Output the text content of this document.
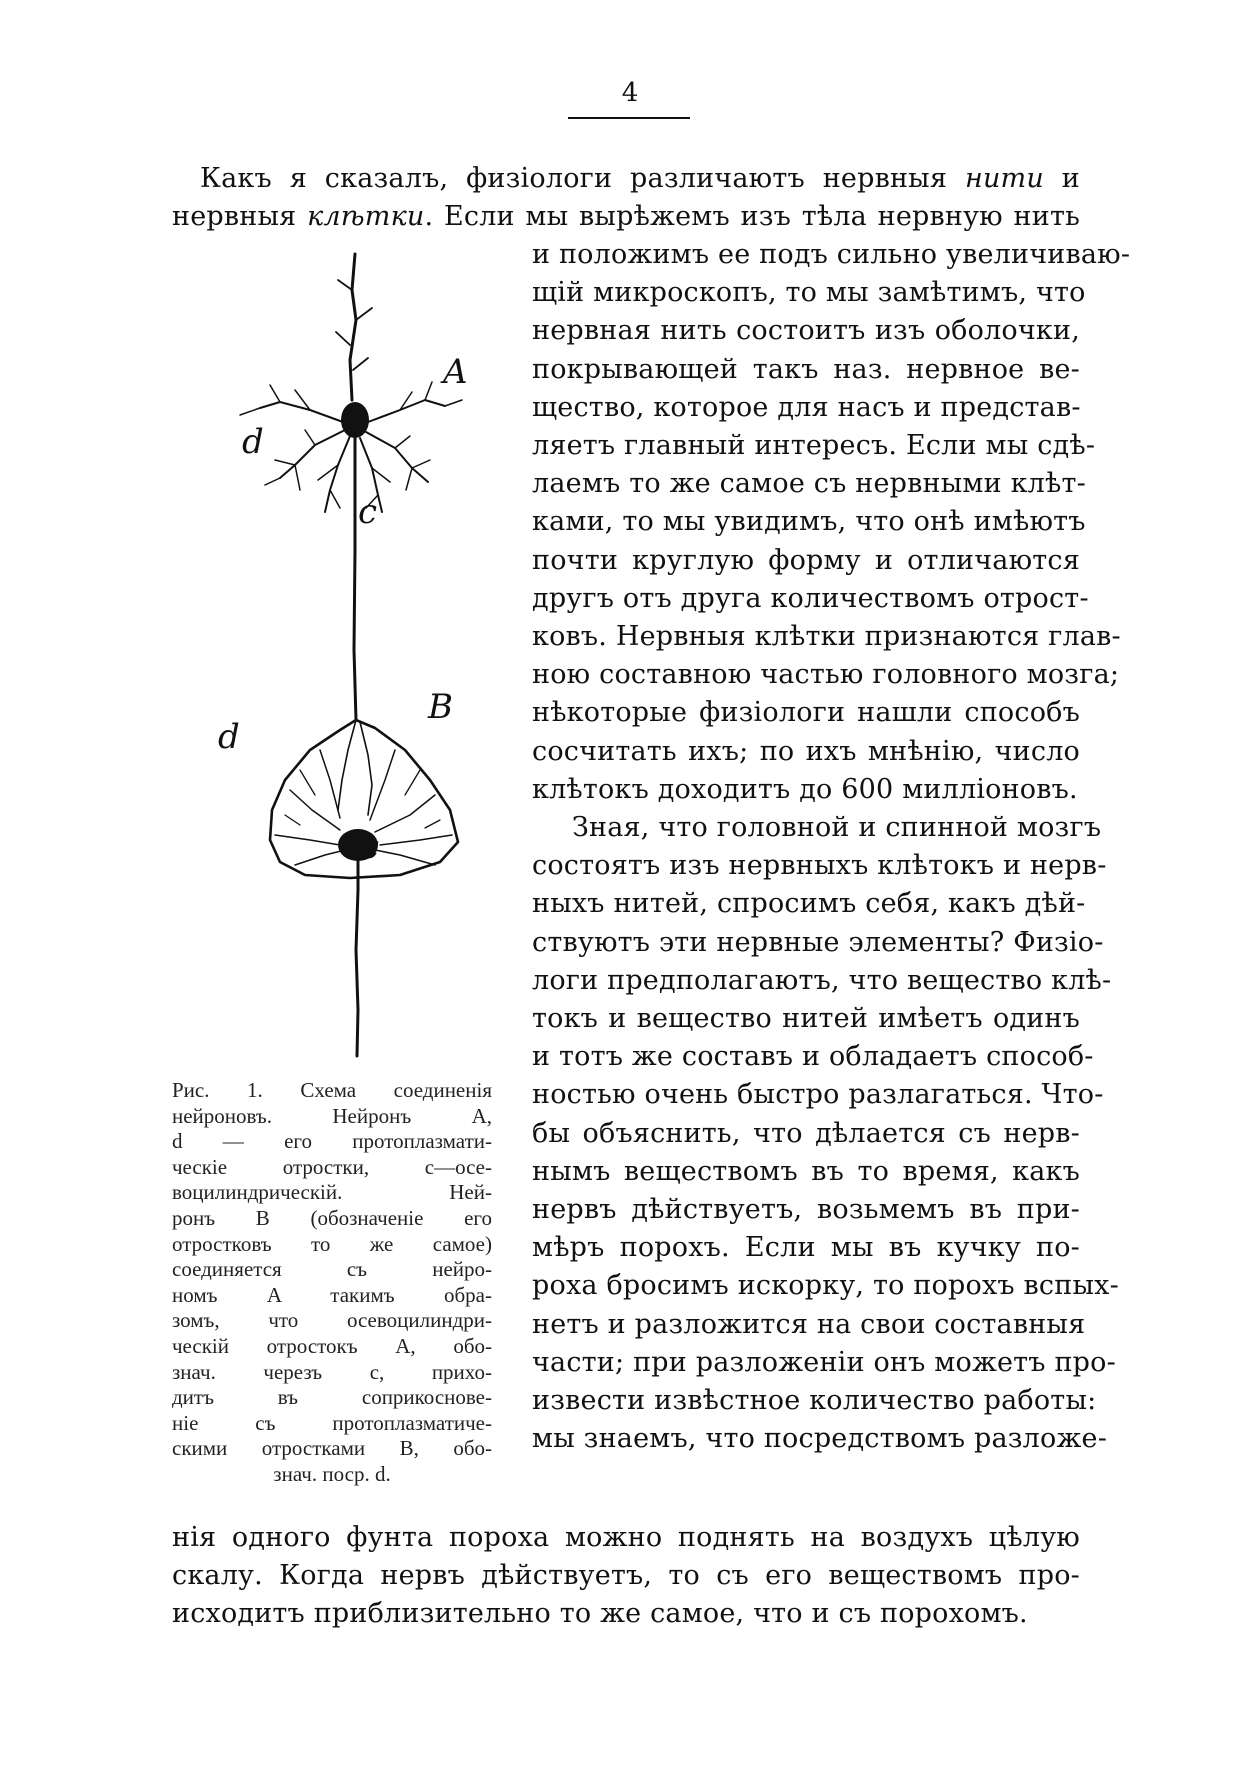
4
Какъ я сказалъ, физiологи различаютъ нервныя нити и
нервныя клѣтки. Если мы вырѣжемъ изъ тѣла нервную нить
и положимъ ее подъ сильно увеличиваю-
щiй микроскопъ, то мы замѣтимъ, что
нервная нить состоитъ изъ оболочки,
покрывающей такъ наз. нервное ве-
щество, которое для насъ и представ-
ляетъ главный интересъ. Если мы сдѣ-
лаемъ то же самое съ нервными клѣт-
ками, то мы увидимъ, что онѣ имѣютъ
почти круглую форму и отличаются
другъ отъ друга количествомъ отрост-
ковъ. Нервныя клѣтки признаются глав-
ною составною частью головного мозга;
нѣкоторые физiологи нашли способъ
сосчитать ихъ; по ихъ мнѣнiю, число
клѣтокъ доходитъ до 600 миллiоновъ.
Зная, что головной и спинной мозгъ
состоятъ изъ нервныхъ клѣтокъ и нерв-
ныхъ нитей, спросимъ себя, какъ дѣй-
ствуютъ эти нервные элементы? Физiо-
логи предполагаютъ, что вещество клѣ-
токъ и вещество нитей имѣетъ одинъ
и тотъ же составъ и обладаетъ способ-
ностью очень быстро разлагаться. Что-
бы объяснить, что дѣлается съ нерв-
нымъ веществомъ въ то время, какъ
нервъ дѣйствуетъ, возьмемъ въ при-
мѣръ порохъ. Если мы въ кучку по-
роха бросимъ искорку, то порохъ вспых-
нетъ и разложится на свои составныя
части; при разложенiи онъ можетъ про-
извести извѣстное количество работы:
мы знаемъ, что посредствомъ разложе-
нiя одного фунта пороха можно поднять на воздухъ цѣлую
скалу. Когда нервъ дѣйствуетъ, то съ его веществомъ про-
исходитъ приблизительно то же самое, что и съ порохомъ.
A
d
c
B
d
c
Рис. 1. Схема соединенiя
нейроновъ. Нейронъ A,
d — его протоплазмати-
ческiе отростки, c—осе-
воцилиндрическiй. Ней-
ронъ B (обозначенiе его
отростковъ то же самое)
соединяется съ нейро-
номъ A такимъ обра-
зомъ, что осевоцилиндри-
ческiй отростокъ A, обо-
знач. черезъ c, прихо-
дитъ въ соприкоснове-
нiе съ протоплазматиче-
скими отростками B, обо-
знач. поср. d.
